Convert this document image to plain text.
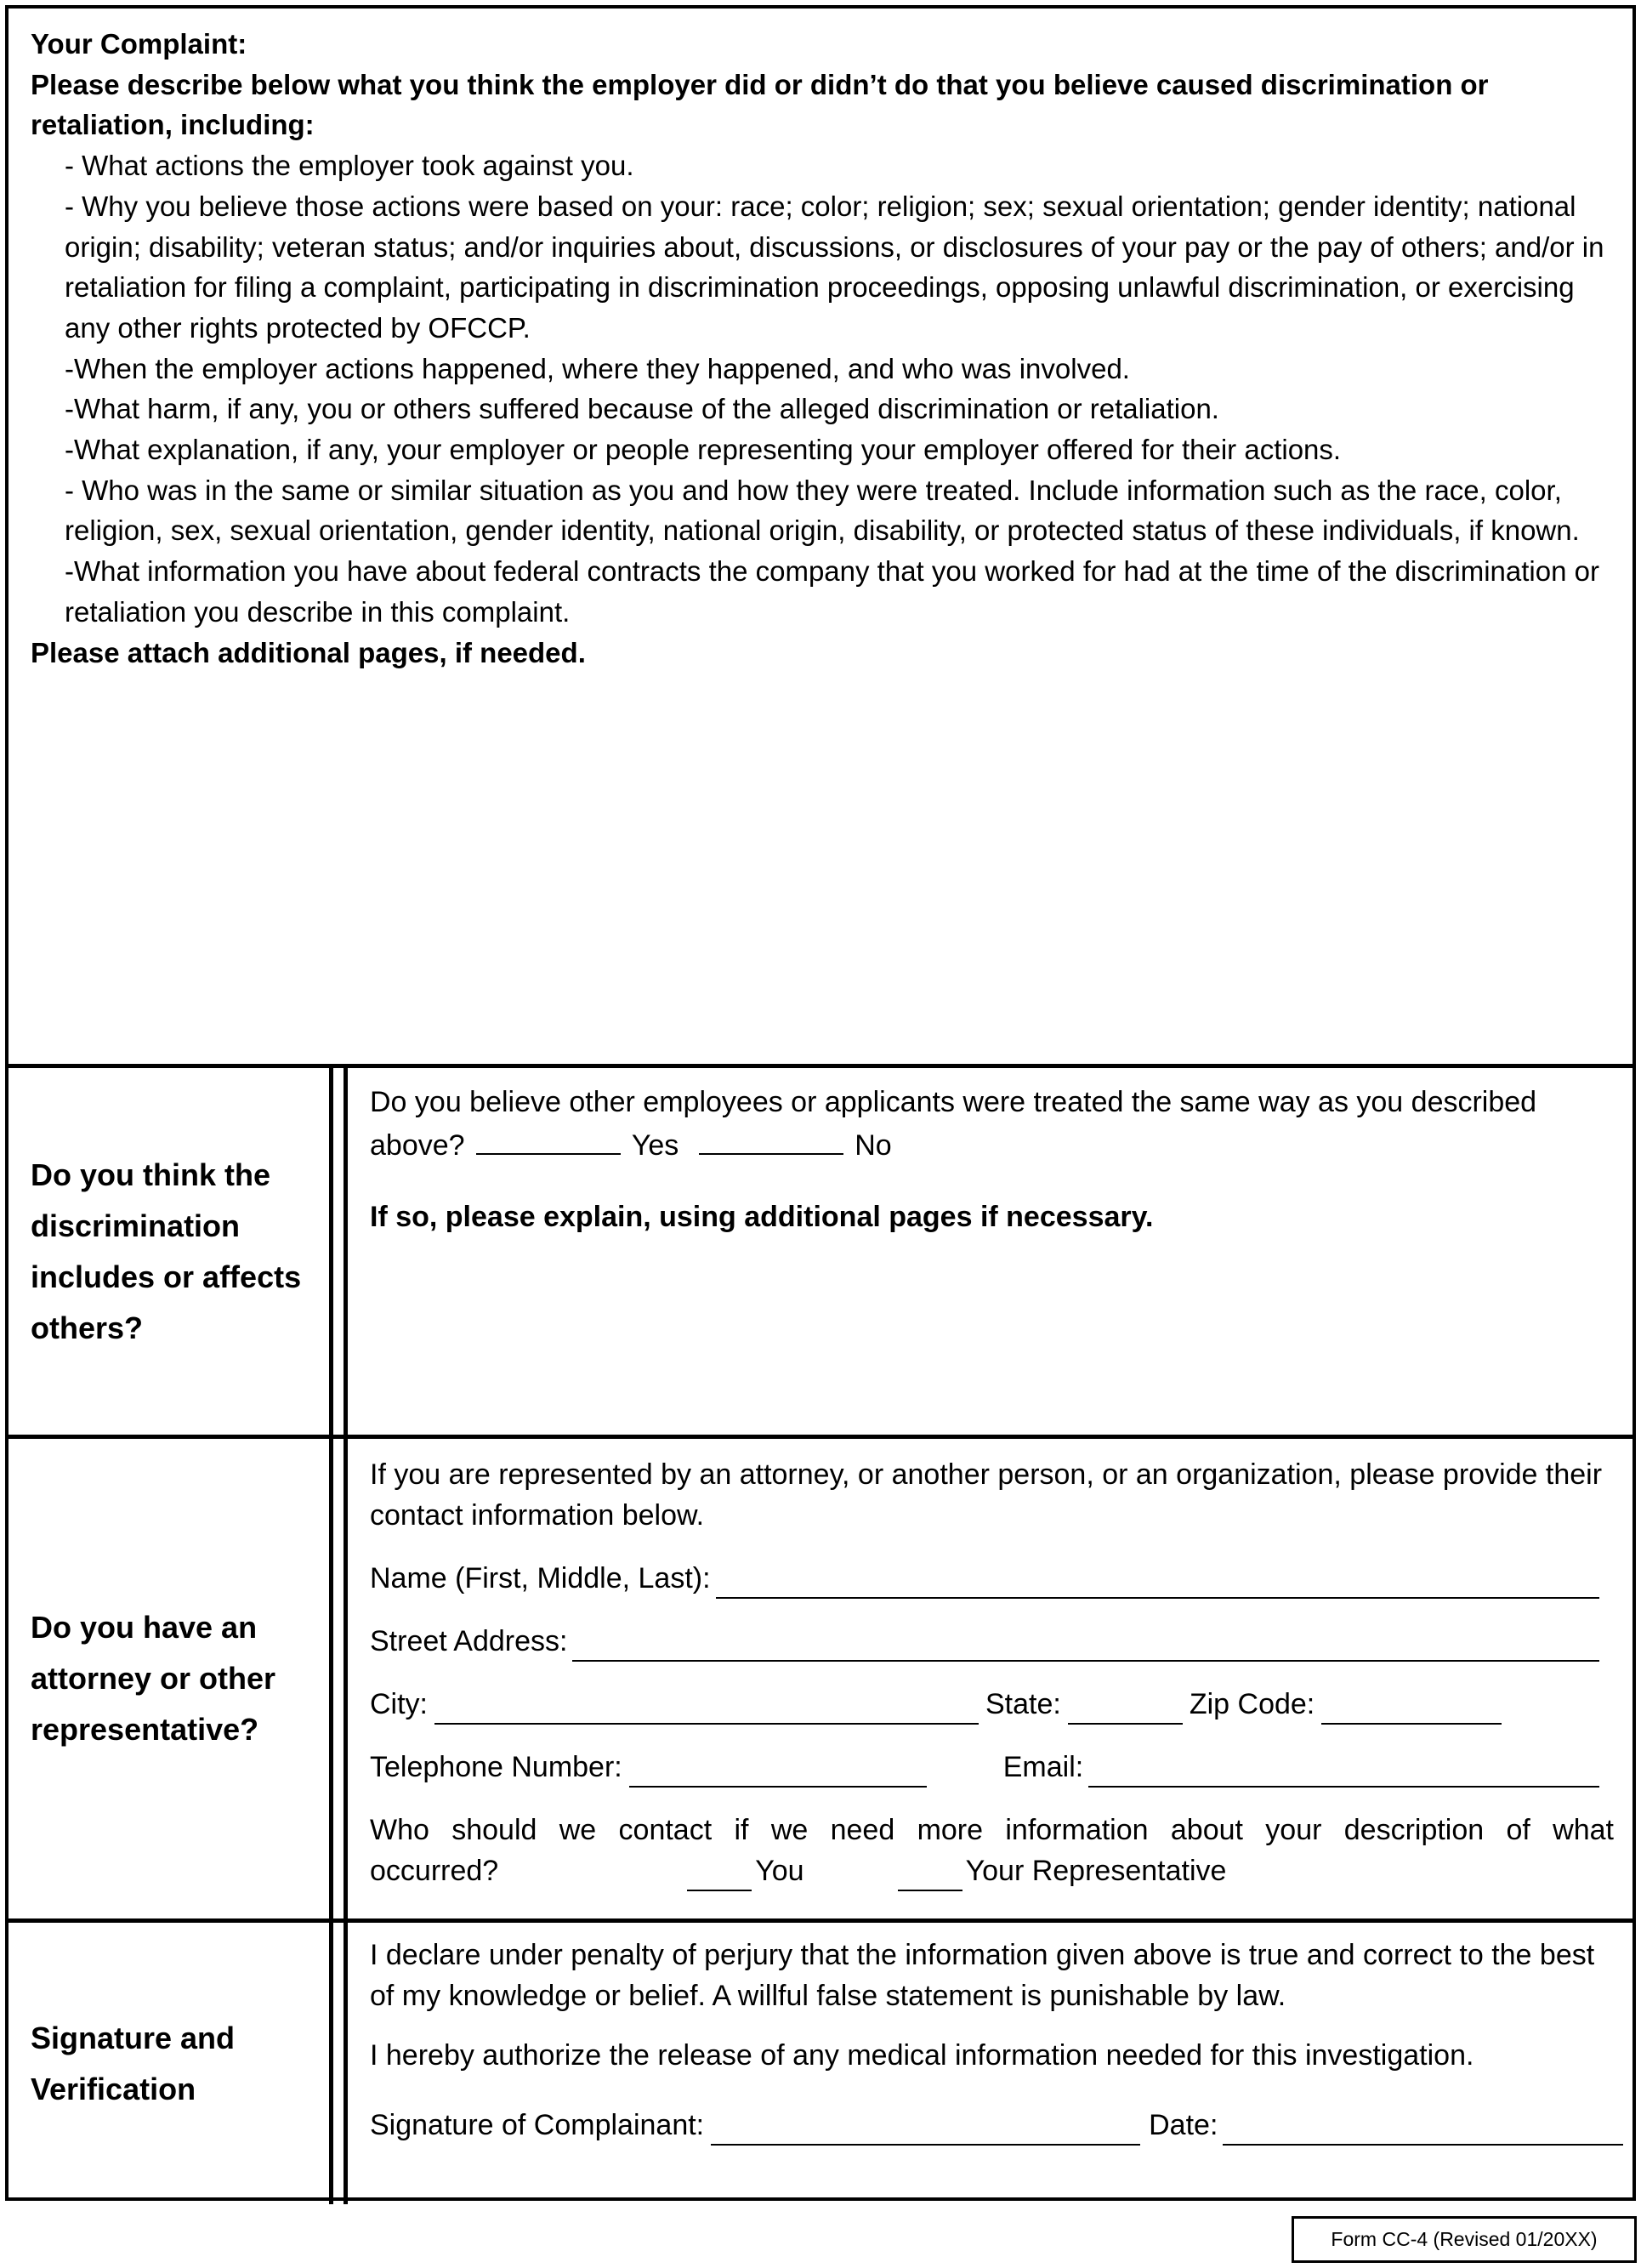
Your Complaint:
Please describe below what you think the employer did or didn’t do that you believe caused discrimination or retaliation, including:
- What actions the employer took against you.
- Why you believe those actions were based on your: race; color; religion; sex; sexual orientation; gender identity; national origin; disability; veteran status; and/or inquiries about, discussions, or disclosures of your pay or the pay of others; and/or in retaliation for filing a complaint, participating in discrimination proceedings, opposing unlawful discrimination, or exercising any other rights protected by OFCCP.
-When the employer actions happened, where they happened, and who was involved.
-What harm, if any, you or others suffered because of the alleged discrimination or retaliation.
-What explanation, if any, your employer or people representing your employer offered for their actions.
- Who was in the same or similar situation as you and how they were treated. Include information such as the race, color, religion, sex, sexual orientation, gender identity, national origin, disability, or protected status of these individuals, if known.
-What information you have about federal contracts the company that you worked for had at the time of the discrimination or retaliation you describe in this complaint.
Please attach additional pages, if needed.
Do you think the discrimination includes or affects others?

Do you believe other employees or applicants were treated the same way as you described above?	Yes	No

If so, please explain, using additional pages if necessary.

Do you have an attorney or other representative?

If you are represented by an attorney, or another person, or an organization, please provide their contact information below.

Name (First, Middle, Last):
Street Address:
City:	State:	Zip Code:
Telephone Number:	Email:

Who should we contact if we need more information about your description of what

occurred?	You	Your Representative
Signature and Verification

I declare under penalty of perjury that the information given above is true and correct to the best of my knowledge or belief. A willful false statement is punishable by law.

I hereby authorize the release of any medical information needed for this investigation.

Signature of Complainant:	Date:
Form CC-4 (Revised 01/20XX)
